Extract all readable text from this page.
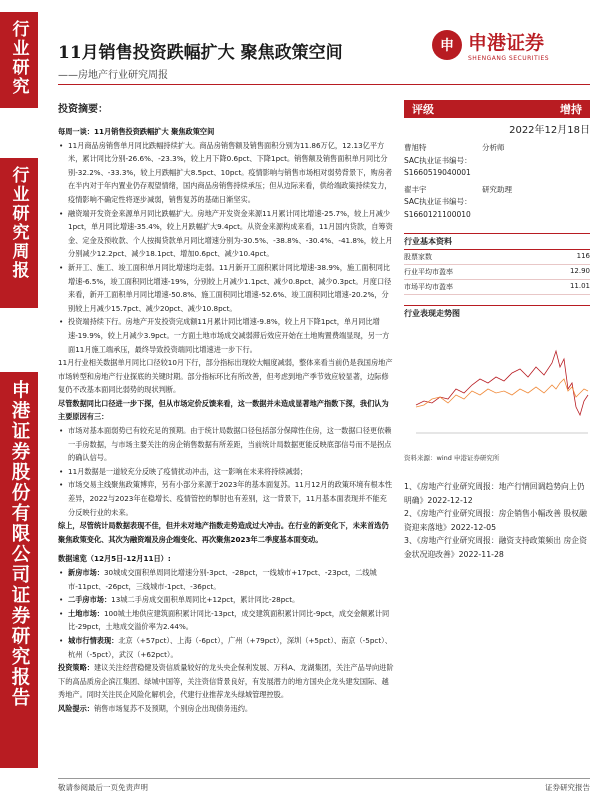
行业研究
行业研究周报
申港证券股份有限公司证券研究报告
11月销售投资跌幅扩大 聚焦政策空间
——房地产行业研究周报
申 申港证券
SHENGANG SECURITIES
投资摘要：
每周一谈：11月销售投资跌幅扩大 聚焦政策空间
• 11月商品房销售单月同比跌幅持续扩大。商品房销售额及销售面积分别为11.86万亿，12.13亿平方米，累计同比分别-26.6%、-23.3%，较上月下降0.6pct、下降1pct。销售额及销售面积单月同比分别-32.2%、-33.3%，较上月跌幅扩大8.5pct、10pct。疫情影响与销售市场相对弱势背景下，购房者在半内对于年内置业仍存观望情绪，国内商品房销售持续承压；但从边际来看，供给端政策持续发力，疫情影响不确定性将逐步减弱，销售复苏的基础日渐坚实。
• 融资端开发资金来源单月同比跌幅扩大。房地产开发资金来源11月累计同比增速-25.7%，较上月减少1pct，单月同比增速-35.4%，较上月跌幅扩大9.4pct。从资金来源构成来看，11月国内贷款，自筹资金、定金及预收款、个人按揭贷款单月同比增速分别为-30.5%、-38.8%、-30.4%、-41.8%，较上月分别减少12.2pct、减少18.1pct、增加0.6pct、减少10.4pct。
• 新开工、施工、竣工面积单月同比增速均走弱。11月新开工面积累计同比增速-38.9%，施工面积同比增速-6.5%，竣工面积同比增速-19%，分别较上月减少1.1pct、减少0.8pct、减少0.3pct。月度口径来看，新开工面积单月同比增速-50.8%、施工面积同比增速-52.6%、竣工面积同比增速-20.2%，分别较上月减少15.7pct、减少20pct、减少10.8pct。
• 投资端持续下行。房地产开发投资完成额11月累计同比增速-9.8%，较上月下降1pct，单月同比增速-19.9%，较上月减少3.9pct。一方面土地市场成交减弱滞后效应开始在土地购置费端显现，另一方面11月施工端承压，最终导致投资端同比增速进一步下行。
11月行业相关数据单月同比口径较10月下行，部分指标出现较大幅度减弱，整体来看当前仍是我国房地产市场转型和房地产行业探底的关键时期。部分指标环比有所改善，但考虑到地产季节效应较显著，边际修复仍不改基本面同比弱势的现状判断。
尽管数据同比口径进一步下探，但从市场定价反馈来看，这一数据并未造成显著地产指数下探，我们认为主要原因有三：
• 市场对基本面弱势已有较充足的预期。由于统计局数据口径包括部分保障性住房，这一数据口径更依赖一手房数据，与市场主要关注的房企销售数据有所差距，当前统计局数据更能反映底部信号而不是拐点的确认信号。
• 11月数据是一道较充分反映了疫情扰动冲击，这一影响在未来将持续减弱；
• 市场交易主线聚焦政策博弈，另有小部分来源于2023年的基本面复苏。11月12月的政策环境有根本性差异，2022与2023年在稳增长、疫情管控的掣肘也有差别，这一背景下，11月基本面表现并不能充分反映行业的未来。
综上，尽管统计局数据表现不佳，但并未对地产指数走势造成过大冲击。在行业的新变化下，未来首选仍聚焦政策变化、其次为融资端及房企端变化、再次聚焦2023年二季度基本面变动。
数据速览（12月5日-12月11日）:
• 新房市场：30城成交面积单周同比增速分别-3pct、-28pct，一线城市+17pct、-23pct，二线城市-11pct、-26pct，三线城市-1pct、-36pct。
• 二手房市场：13城二手房成交面积单周同比+12pct，累计同比-28pct。
• 土地市场：100城土地供应建筑面积累计同比-13pct，成交建筑面积累计同比-9pct，成交金额累计同比-29pct，土地成交溢价率为2.44%。
• 城市行情表现：北京（+57pct）、上海（-6pct），广州（+79pct），深圳（+5pct）、南京（-5pct）、杭州（-5pct），武汉（+62pct）。
投资策略：建议关注经营稳健及资信质量较好的龙头央企保利发展、万科A、龙湖集团，关注产品导向进阶下的高品质房企滨江集团、绿城中国等，关注资信背景良好，有发展潜力的地方国央企龙头建发国际、越秀地产。同时关注民企风险化解机会，代建行业推荐龙头绿城管理控股。
风险提示：销售市场复苏不及预期，个别房企出现债务违约。
评级	增持
2022年12月18日
曹旭特	分析师
SAC执业证书编号：
S1660519040001
翟丰宇	研究助理
SAC执业证书编号：
S1660121100010
行业基本资料
股票家数	116
行业平均市盈率	12.90
市场平均市盈率	11.01
行业表现走势图
资料来源：wind 申港证券研究所
1、《房地产行业研究周报：地产行情回调趋势向上仍明确》2022-12-12
2、《房地产行业研究周报：房企销售小幅改善 股权融资迎来落地》2022-12-05
3、《房地产行业研究周报：融资支持政策频出 房企资金状况迎改善》2022-11-28
敬请参阅最后一页免责声明	证券研究报告
